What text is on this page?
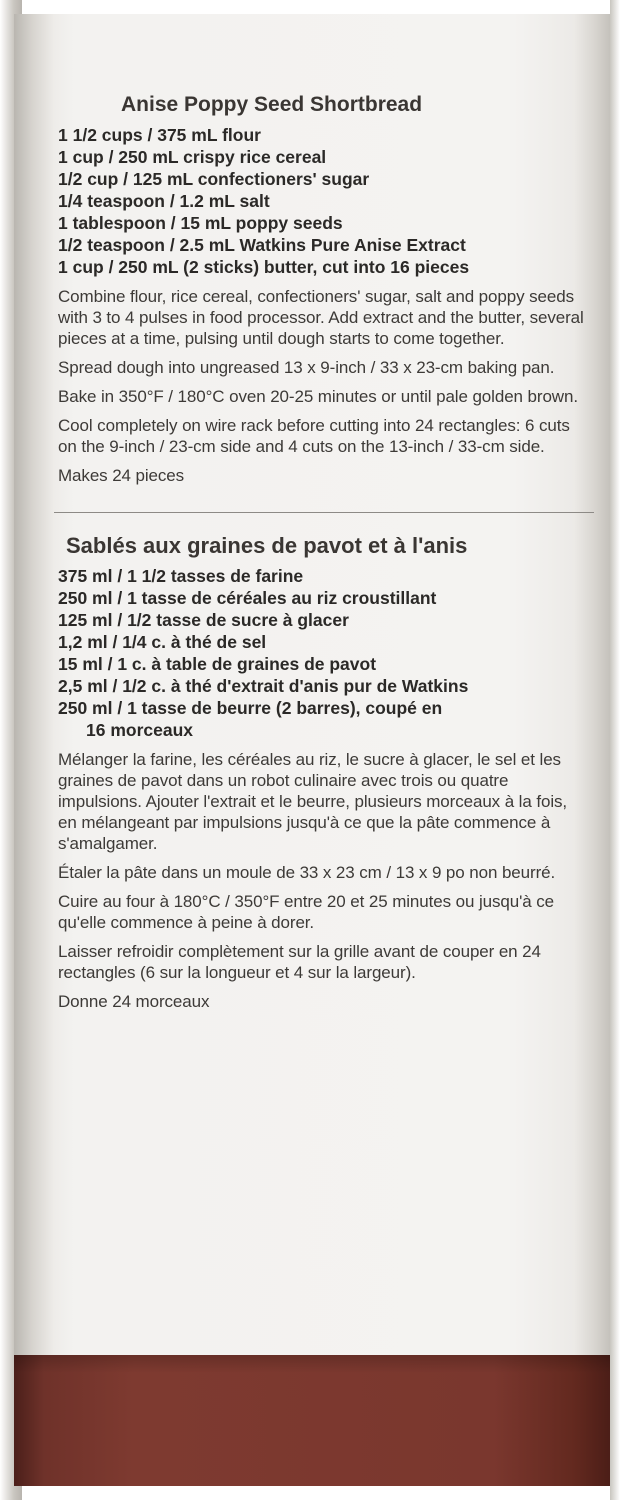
Anise Poppy Seed Shortbread
1 1/2 cups / 375 mL flour
1 cup / 250 mL crispy rice cereal
1/2 cup / 125 mL confectioners' sugar
1/4 teaspoon / 1.2 mL salt
1 tablespoon / 15 mL poppy seeds
1/2 teaspoon / 2.5 mL Watkins Pure Anise Extract
1 cup / 250 mL (2 sticks) butter, cut into 16 pieces

Combine flour, rice cereal, confectioners' sugar, salt and poppy seeds with 3 to 4 pulses in food processor. Add extract and the butter, several pieces at a time, pulsing until dough starts to come together.

Spread dough into ungreased 13 x 9-inch / 33 x 23-cm baking pan.

Bake in 350°F / 180°C oven 20-25 minutes or until pale golden brown.

Cool completely on wire rack before cutting into 24 rectangles: 6 cuts on the 9-inch / 23-cm side and 4 cuts on the 13-inch / 33-cm side.

Makes 24 pieces

Sablés aux graines de pavot et à l'anis
375 ml / 1 1/2 tasses de farine
250 ml / 1 tasse de céréales au riz croustillant
125 ml / 1/2 tasse de sucre à glacer
1,2 ml / 1/4 c. à thé de sel
15 ml / 1 c. à table de graines de pavot
2,5 ml / 1/2 c. à thé d'extrait d'anis pur de Watkins
250 ml / 1 tasse de beurre (2 barres), coupé en
16 morceaux

Mélanger la farine, les céréales au riz, le sucre à glacer, le sel et les graines de pavot dans un robot culinaire avec trois ou quatre impulsions. Ajouter l'extrait et le beurre, plusieurs morceaux à la fois, en mélangeant par impulsions jusqu'à ce que la pâte commence à s'amalgamer.

Étaler la pâte dans un moule de 33 x 23 cm / 13 x 9 po non beurré.

Cuire au four à 180°C / 350°F entre 20 et 25 minutes ou jusqu'à ce qu'elle commence à peine à dorer.

Laisser refroidir complètement sur la grille avant de couper en 24 rectangles (6 sur la longueur et 4 sur la largeur).

Donne 24 morceaux
